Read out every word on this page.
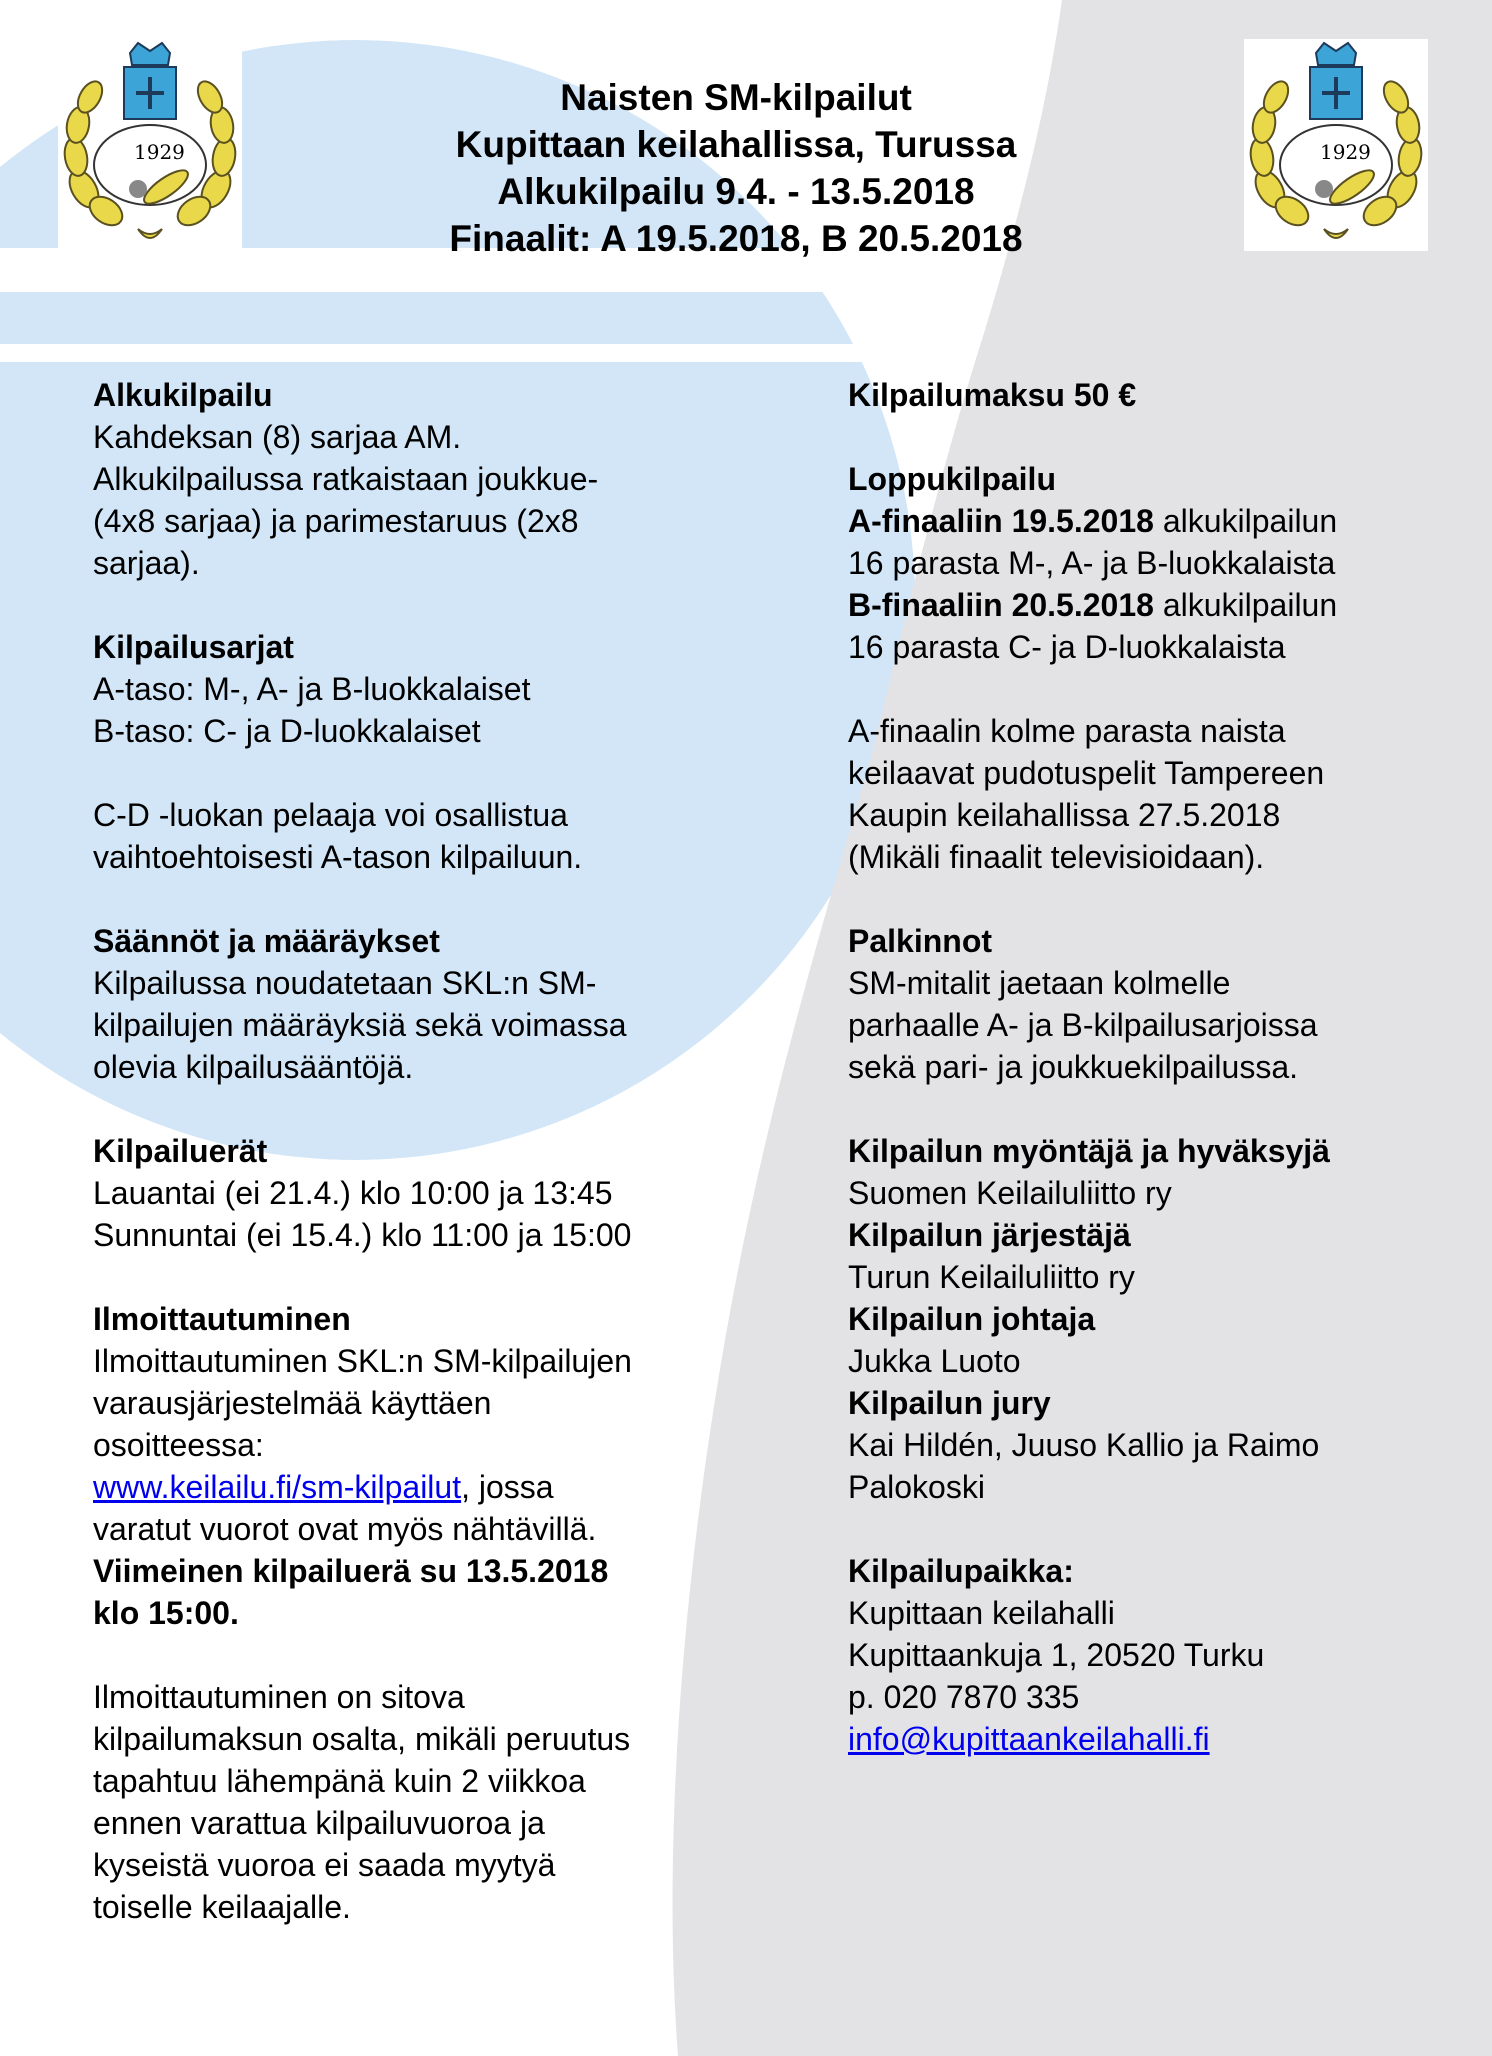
1929	1929
Naisten SM-kilpailut
Kupittaan keilahallissa, Turussa
Alkukilpailu 9.4. - 13.5.2018
Finaalit: A 19.5.2018, B 20.5.2018
Alkukilpailu
Kahdeksan (8) sarjaa AM.
Alkukilpailussa ratkaistaan joukkue-
(4x8 sarjaa) ja parimestaruus (2x8
sarjaa).
Kilpailusarjat
A-taso: M-, A- ja B-luokkalaiset
B-taso: C- ja D-luokkalaiset
C-D -luokan pelaaja voi osallistua
vaihtoehtoisesti A-tason kilpailuun.
Säännöt ja määräykset
Kilpailussa noudatetaan SKL:n SM-
kilpailujen määräyksiä sekä voimassa
olevia kilpailusääntöjä.
Kilpailuerät
Lauantai (ei 21.4.) klo 10:00 ja 13:45
Sunnuntai (ei 15.4.) klo 11:00 ja 15:00
Ilmoittautuminen
Ilmoittautuminen SKL:n SM-kilpailujen
varausjärjestelmää käyttäen
osoitteessa:
www.keilailu.fi/sm-kilpailut, jossa
varatut vuorot ovat myös nähtävillä.
Viimeinen kilpailuerä su 13.5.2018
klo 15:00.
Ilmoittautuminen on sitova
kilpailumaksun osalta, mikäli peruutus
tapahtuu lähempänä kuin 2 viikkoa
ennen varattua kilpailuvuoroa ja
kyseistä vuoroa ei saada myytyä
toiselle keilaajalle.
Kilpailumaksu 50 €
Loppukilpailu
A-finaaliin 19.5.2018 alkukilpailun
16 parasta M-, A- ja B-luokkalaista
B-finaaliin 20.5.2018 alkukilpailun
16 parasta C- ja D-luokkalaista
A-finaalin kolme parasta naista
keilaavat pudotuspelit Tampereen
Kaupin keilahallissa 27.5.2018
(Mikäli finaalit televisioidaan).
Palkinnot
SM-mitalit jaetaan kolmelle
parhaalle A- ja B-kilpailusarjoissa
sekä pari- ja joukkuekilpailussa.
Kilpailun myöntäjä ja hyväksyjä
Suomen Keilailuliitto ry
Kilpailun järjestäjä
Turun Keilailuliitto ry
Kilpailun johtaja
Jukka Luoto
Kilpailun jury
Kai Hildén, Juuso Kallio ja Raimo
Palokoski
Kilpailupaikka:
Kupittaan keilahalli
Kupittaankuja 1, 20520 Turku
p. 020 7870 335
info@kupittaankeilahalli.fi
